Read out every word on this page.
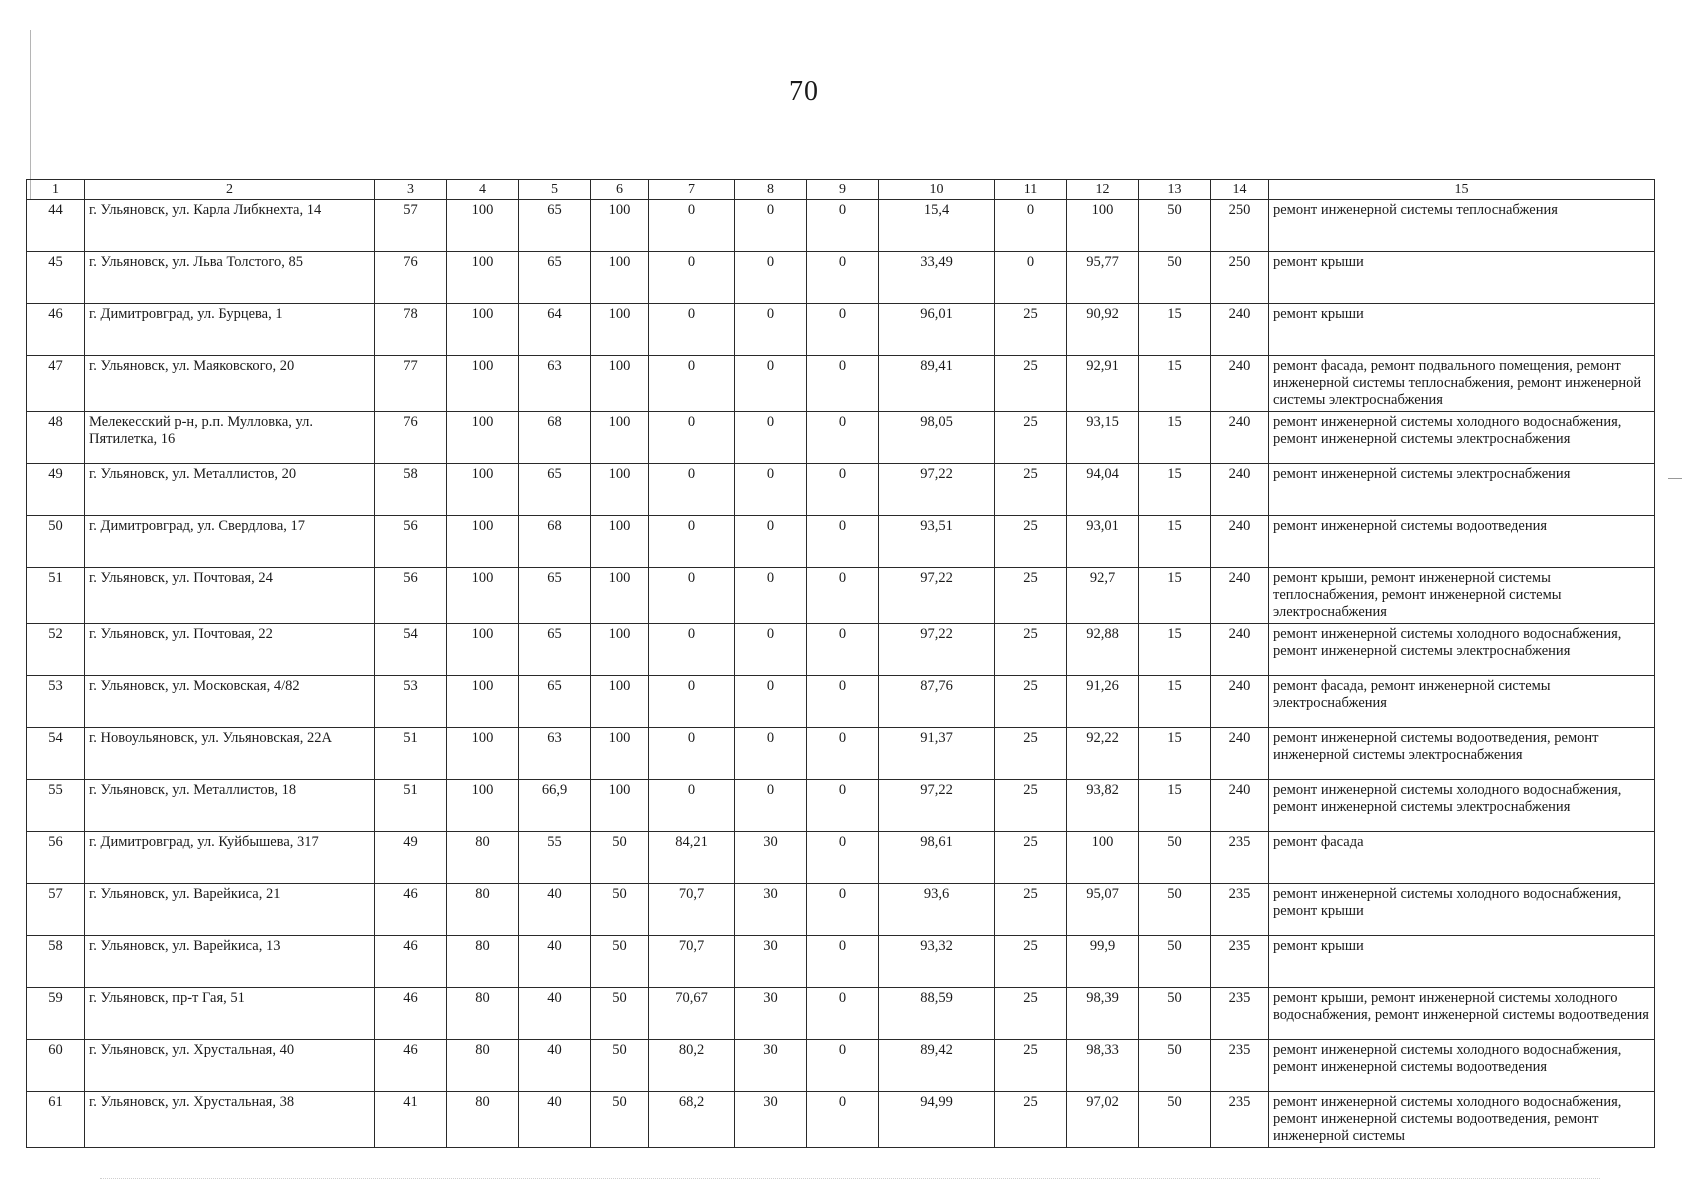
70
1	2	3	4	5	6	7	8	9	10	11	12	13	14	15
44	г. Ульяновск, ул. Карла Либкнехта, 14	57	100	65	100	0	0	0	15,4	0	100	50	250	ремонт инженерной системы теплоснабжения
45	г. Ульяновск, ул. Льва Толстого, 85	76	100	65	100	0	0	0	33,49	0	95,77	50	250	ремонт крыши
46	г. Димитровград, ул. Бурцева, 1	78	100	64	100	0	0	0	96,01	25	90,92	15	240	ремонт крыши
47	г. Ульяновск, ул. Маяковского, 20	77	100	63	100	0	0	0	89,41	25	92,91	15	240	ремонт фасада, ремонт подвального помещения, ремонт инженерной системы теплоснабжения, ремонт инженерной системы электроснабжения
48	Мелекесский р-н, р.п. Мулловка, ул. Пятилетка, 16	76	100	68	100	0	0	0	98,05	25	93,15	15	240	ремонт инженерной системы холодного водоснабжения, ремонт инженерной системы электроснабжения
49	г. Ульяновск, ул. Металлистов, 20	58	100	65	100	0	0	0	97,22	25	94,04	15	240	ремонт инженерной системы электроснабжения
50	г. Димитровград, ул. Свердлова, 17	56	100	68	100	0	0	0	93,51	25	93,01	15	240	ремонт инженерной системы водоотведения
51	г. Ульяновск, ул. Почтовая, 24	56	100	65	100	0	0	0	97,22	25	92,7	15	240	ремонт крыши, ремонт инженерной системы теплоснабжения, ремонт инженерной системы электроснабжения
52	г. Ульяновск, ул. Почтовая, 22	54	100	65	100	0	0	0	97,22	25	92,88	15	240	ремонт инженерной системы холодного водоснабжения, ремонт инженерной системы электроснабжения
53	г. Ульяновск, ул. Московская, 4/82	53	100	65	100	0	0	0	87,76	25	91,26	15	240	ремонт фасада, ремонт инженерной системы электроснабжения
54	г. Новоульяновск, ул. Ульяновская, 22А	51	100	63	100	0	0	0	91,37	25	92,22	15	240	ремонт инженерной системы водоотведения, ремонт инженерной системы электроснабжения
55	г. Ульяновск, ул. Металлистов, 18	51	100	66,9	100	0	0	0	97,22	25	93,82	15	240	ремонт инженерной системы холодного водоснабжения, ремонт инженерной системы электроснабжения
56	г. Димитровград, ул. Куйбышева, 317	49	80	55	50	84,21	30	0	98,61	25	100	50	235	ремонт фасада
57	г. Ульяновск, ул. Варейкиса, 21	46	80	40	50	70,7	30	0	93,6	25	95,07	50	235	ремонт инженерной системы холодного водоснабжения, ремонт крыши
58	г. Ульяновск, ул. Варейкиса, 13	46	80	40	50	70,7	30	0	93,32	25	99,9	50	235	ремонт крыши
59	г. Ульяновск, пр-т Гая, 51	46	80	40	50	70,67	30	0	88,59	25	98,39	50	235	ремонт крыши, ремонт инженерной системы холодного водоснабжения, ремонт инженерной системы водоотведения
60	г. Ульяновск, ул. Хрустальная, 40	46	80	40	50	80,2	30	0	89,42	25	98,33	50	235	ремонт инженерной системы холодного водоснабжения, ремонт инженерной системы водоотведения
61	г. Ульяновск, ул. Хрустальная, 38	41	80	40	50	68,2	30	0	94,99	25	97,02	50	235	ремонт инженерной системы холодного водоснабжения, ремонт инженерной системы водоотведения, ремонт инженерной системы
